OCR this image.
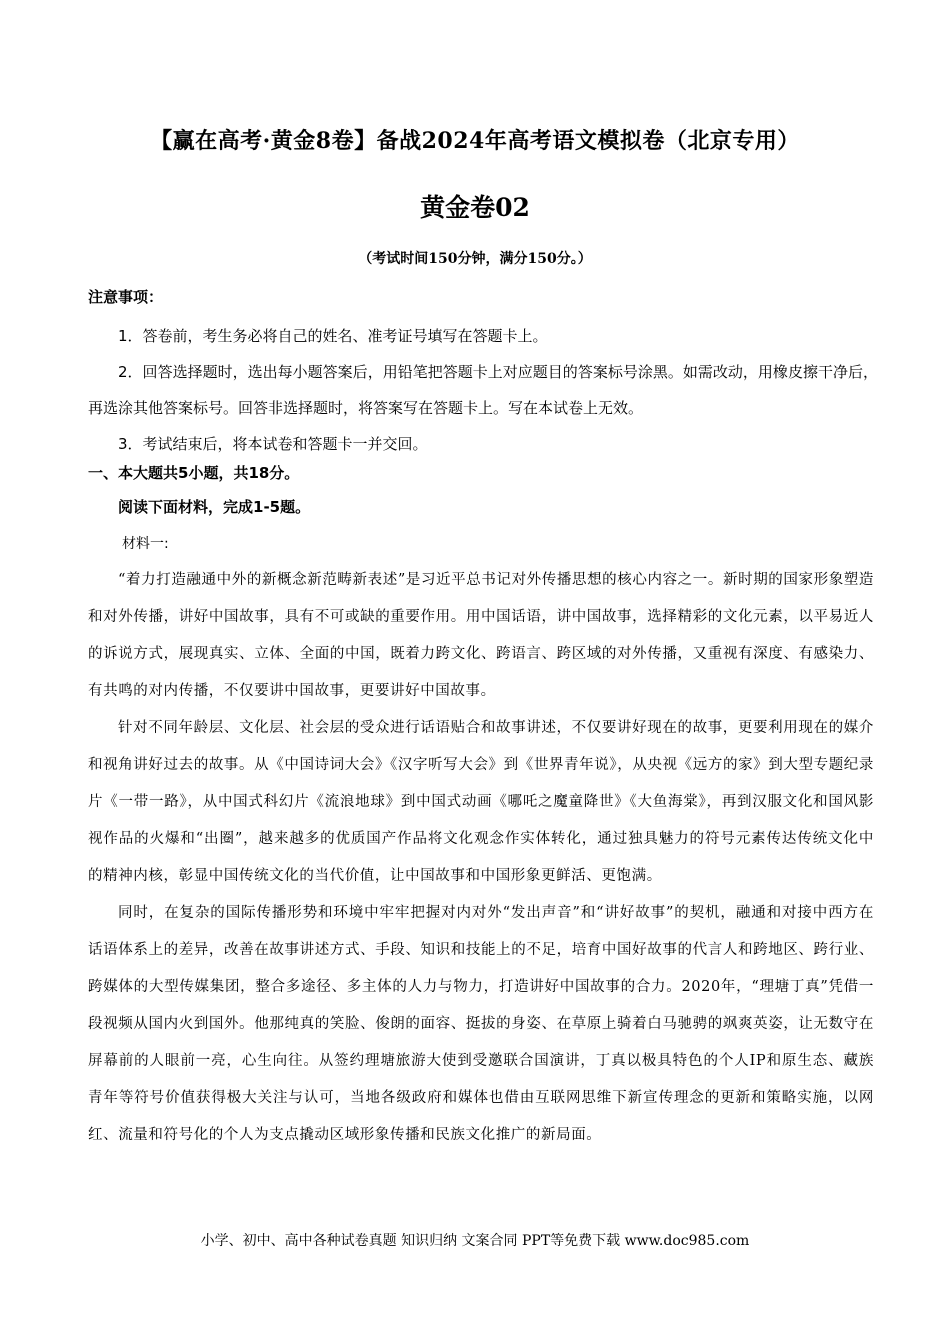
【赢在高考·黄金8卷】备战2024年高考语文模拟卷（北京专用）
黄金卷02
（考试时间150分钟，满分150分。）
注意事项：
1．答卷前，考生务必将自己的姓名、准考证号填写在答题卡上。
2．回答选择题时，选出每小题答案后，用铅笔把答题卡上对应题目的答案标号涂黑。如需改动，用橡皮擦干净后，再选涂其他答案标号。回答非选择题时，将答案写在答题卡上。写在本试卷上无效。
3．考试结束后，将本试卷和答题卡一并交回。
一、本大题共5小题，共18分。
阅读下面材料，完成1-5题。
材料一:

“着力打造融通中外的新概念新范畴新表述”是习近平总书记对外传播思想的核心内容之一。新时期的国家形象塑造和对外传播，讲好中国故事，具有不可或缺的重要作用。用中国话语，讲中国故事，选择精彩的文化元素，以平易近人的诉说方式，展现真实、立体、全面的中国，既着力跨文化、跨语言、跨区域的对外传播，又重视有深度、有感染力、有共鸣的对内传播，不仅要讲中国故事，更要讲好中国故事。

针对不同年龄层、文化层、社会层的受众进行话语贴合和故事讲述，不仅要讲好现在的故事，更要利用现在的媒介和视角讲好过去的故事。从《中国诗词大会》《汉字听写大会》到《世界青年说》，从央视《远方的家》到大型专题纪录片《一带一路》，从中国式科幻片《流浪地球》到中国式动画《哪吒之魔童降世》《大鱼海棠》，再到汉服文化和国风影视作品的火爆和“出圈”，越来越多的优质国产作品将文化观念作实体转化，通过独具魅力的符号元素传达传统文化中的精神内核，彰显中国传统文化的当代价值，让中国故事和中国形象更鲜活、更饱满。

同时，在复杂的国际传播形势和环境中牢牢把握对内对外“发出声音”和“讲好故事”的契机，融通和对接中西方在话语体系上的差异，改善在故事讲述方式、手段、知识和技能上的不足，培育中国好故事的代言人和跨地区、跨行业、跨媒体的大型传媒集团，整合多途径、多主体的人力与物力，打造讲好中国故事的合力。2020年，“理塘丁真”凭借一段视频从国内火到国外。他那纯真的笑脸、俊朗的面容、挺拔的身姿、在草原上骑着白马驰骋的飒爽英姿，让无数守在屏幕前的人眼前一亮，心生向往。从签约理塘旅游大使到受邀联合国演讲，丁真以极具特色的个人IP和原生态、藏族青年等符号价值获得极大关注与认可，当地各级政府和媒体也借由互联网思维下新宣传理念的更新和策略实施，以网红、流量和符号化的个人为支点撬动区域形象传播和民族文化推广的新局面。

小学、初中、高中各种试卷真题 知识归纳 文案合同 PPT等免费下载 www.doc985.com
